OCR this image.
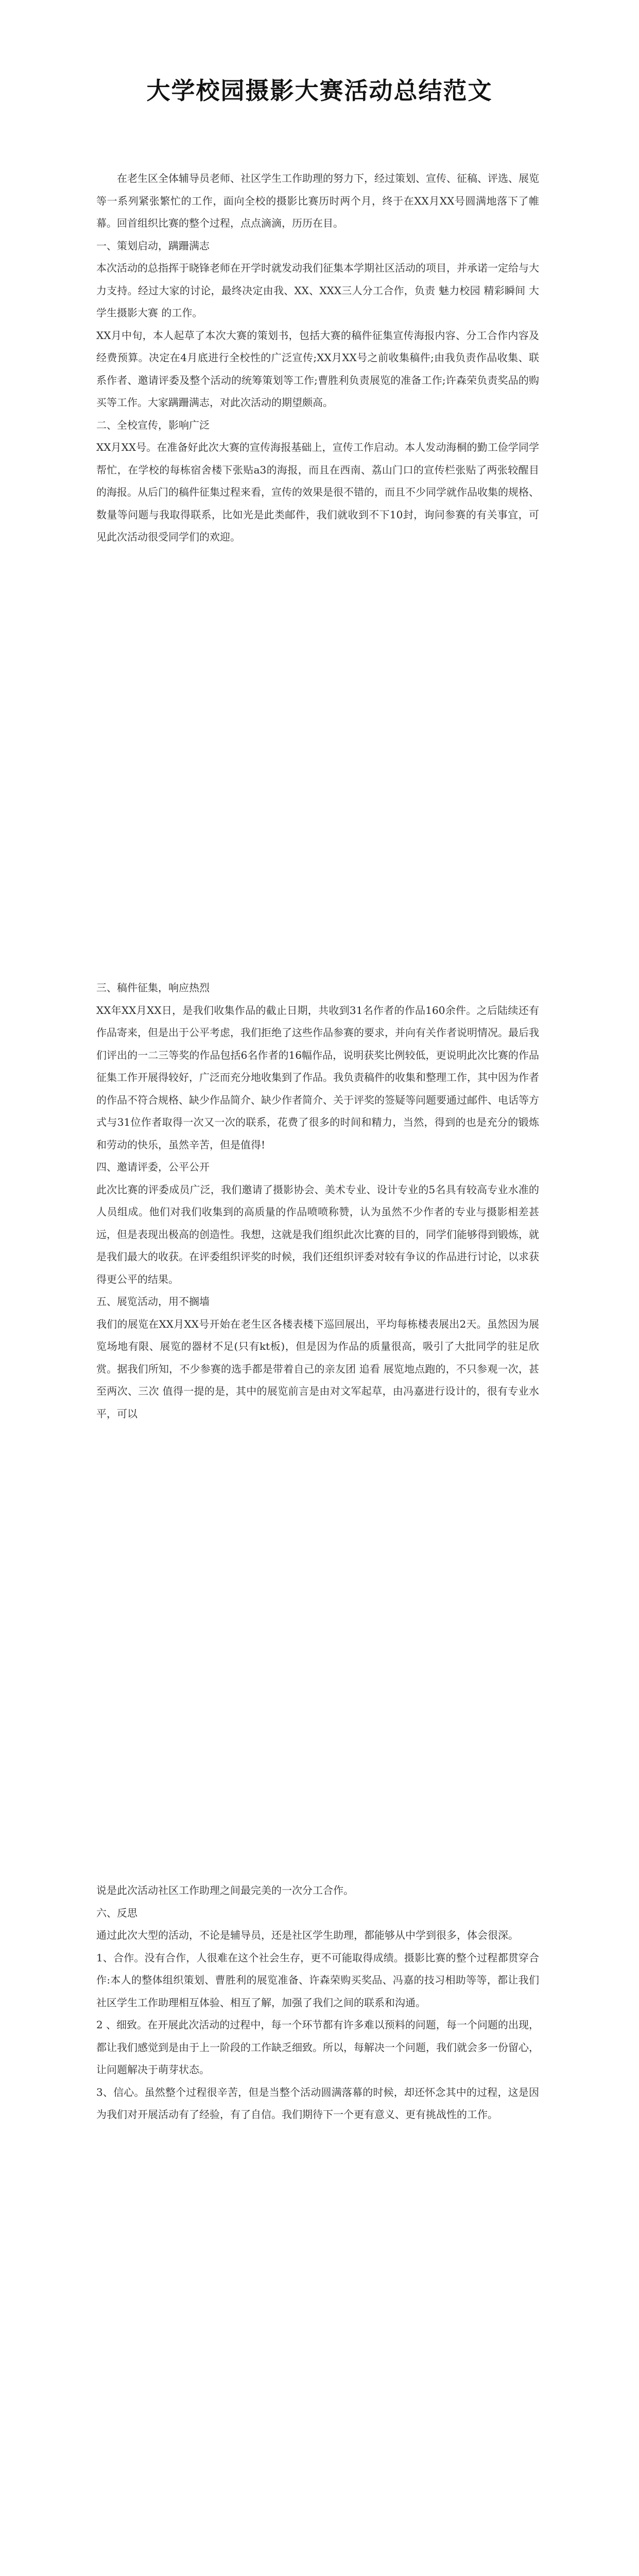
大学校园摄影大赛活动总结范文

在老生区全体辅导员老师、社区学生工作助理的努力下，经过策划、宣传、征稿、评选、展览等一系列紧张繁忙的工作，面向全校的摄影比赛历时两个月，终于在XX月XX号圆满地落下了帷幕。回首组织比赛的整个过程，点点滴滴，历历在目。

一、策划启动，蹒跚满志

本次活动的总指挥于晓锋老师在开学时就发动我们征集本学期社区活动的项目，并承诺一定给与大力支持。经过大家的讨论，最终决定由我、XX、XXX三人分工合作，负责 魅力校园 精彩瞬间 大学生摄影大赛 的工作。

XX月中旬，本人起草了本次大赛的策划书，包括大赛的稿件征集宣传海报内容、分工合作内容及经费预算。决定在4月底进行全校性的广泛宣传;XX月XX号之前收集稿件;由我负责作品收集、联系作者、邀请评委及整个活动的统筹策划等工作;曹胜利负责展览的准备工作;许森荣负责奖品的购买等工作。大家蹒跚满志，对此次活动的期望颇高。

二、全校宣传，影响广泛

XX月XX号。在准备好此次大赛的宣传海报基础上，宣传工作启动。本人发动海桐的勤工俭学同学帮忙，在学校的每栋宿舍楼下张贴a3的海报，而且在西南、荔山门口的宣传栏张贴了两张较醒目的海报。从后门的稿件征集过程来看，宣传的效果是很不错的，而且不少同学就作品收集的规格、数量等问题与我取得联系，比如光是此类邮件，我们就收到不下10封，询问参赛的有关事宜，可见此次活动很受同学们的欢迎。

三、稿件征集，响应热烈

XX年XX月XX日，是我们收集作品的截止日期，共收到31名作者的作品160余件。之后陆续还有作品寄来，但是出于公平考虑，我们拒绝了这些作品参赛的要求，并向有关作者说明情况。最后我们评出的一二三等奖的作品包括6名作者的16幅作品，说明获奖比例较低，更说明此次比赛的作品征集工作开展得较好，广泛而充分地收集到了作品。我负责稿件的收集和整理工作，其中因为作者的作品不符合规格、缺少作品简介、缺少作者简介、关于评奖的签疑等问题要通过邮件、电话等方式与31位作者取得一次又一次的联系，花费了很多的时间和精力，当然，得到的也是充分的锻炼和劳动的快乐，虽然辛苦，但是值得!

四、邀请评委，公平公开

此次比赛的评委成员广泛，我们邀请了摄影协会、美术专业、设计专业的5名具有较高专业水准的人员组成。他们对我们收集到的高质量的作品喷喷称赞，认为虽然不少作者的专业与摄影相差甚远，但是表现出极高的创造性。我想，这就是我们组织此次比赛的目的，同学们能够得到锻炼，就是我们最大的收获。在评委组织评奖的时候，我们还组织评委对较有争议的作品进行讨论，以求获得更公平的结果。

五、展览活动，用不搁墙

我们的展览在XX月XX号开始在老生区各楼表楼下巡回展出，平均每栋楼表展出2天。虽然因为展览场地有限、展览的器材不足(只有kt板)，但是因为作品的质量很高，吸引了大批同学的驻足欣赏。据我们所知，不少参赛的选手都是带着自己的亲友团 追看 展览地点跑的，不只参观一次，甚至两次、三次 值得一提的是，其中的展览前言是由对文军起草，由冯嘉进行设计的，很有专业水平，可以

说是此次活动社区工作助理之间最完美的一次分工合作。

六、反思

通过此次大型的活动，不论是辅导员，还是社区学生助理，都能够从中学到很多，体会很深。

1、合作。没有合作，人很难在这个社会生存，更不可能取得成绩。摄影比赛的整个过程都贯穿合作:本人的整体组织策划、曹胜利的展览准备、许森荣购买奖品、冯嘉的技习相助等等，都让我们社区学生工作助理相互体验、相互了解，加强了我们之间的联系和沟通。

2 、细致。在开展此次活动的过程中，每一个环节都有许多难以预料的问题，每一个问题的出现，都让我们感觉到是由于上一阶段的工作缺乏细致。所以，每解决一个问题，我们就会多一份留心，让问题解决于萌芽状态。

3、信心。虽然整个过程很辛苦，但是当整个活动圆满落幕的时候，却还怀念其中的过程，这是因为我们对开展活动有了经验，有了自信。我们期待下一个更有意义、更有挑战性的工作。
